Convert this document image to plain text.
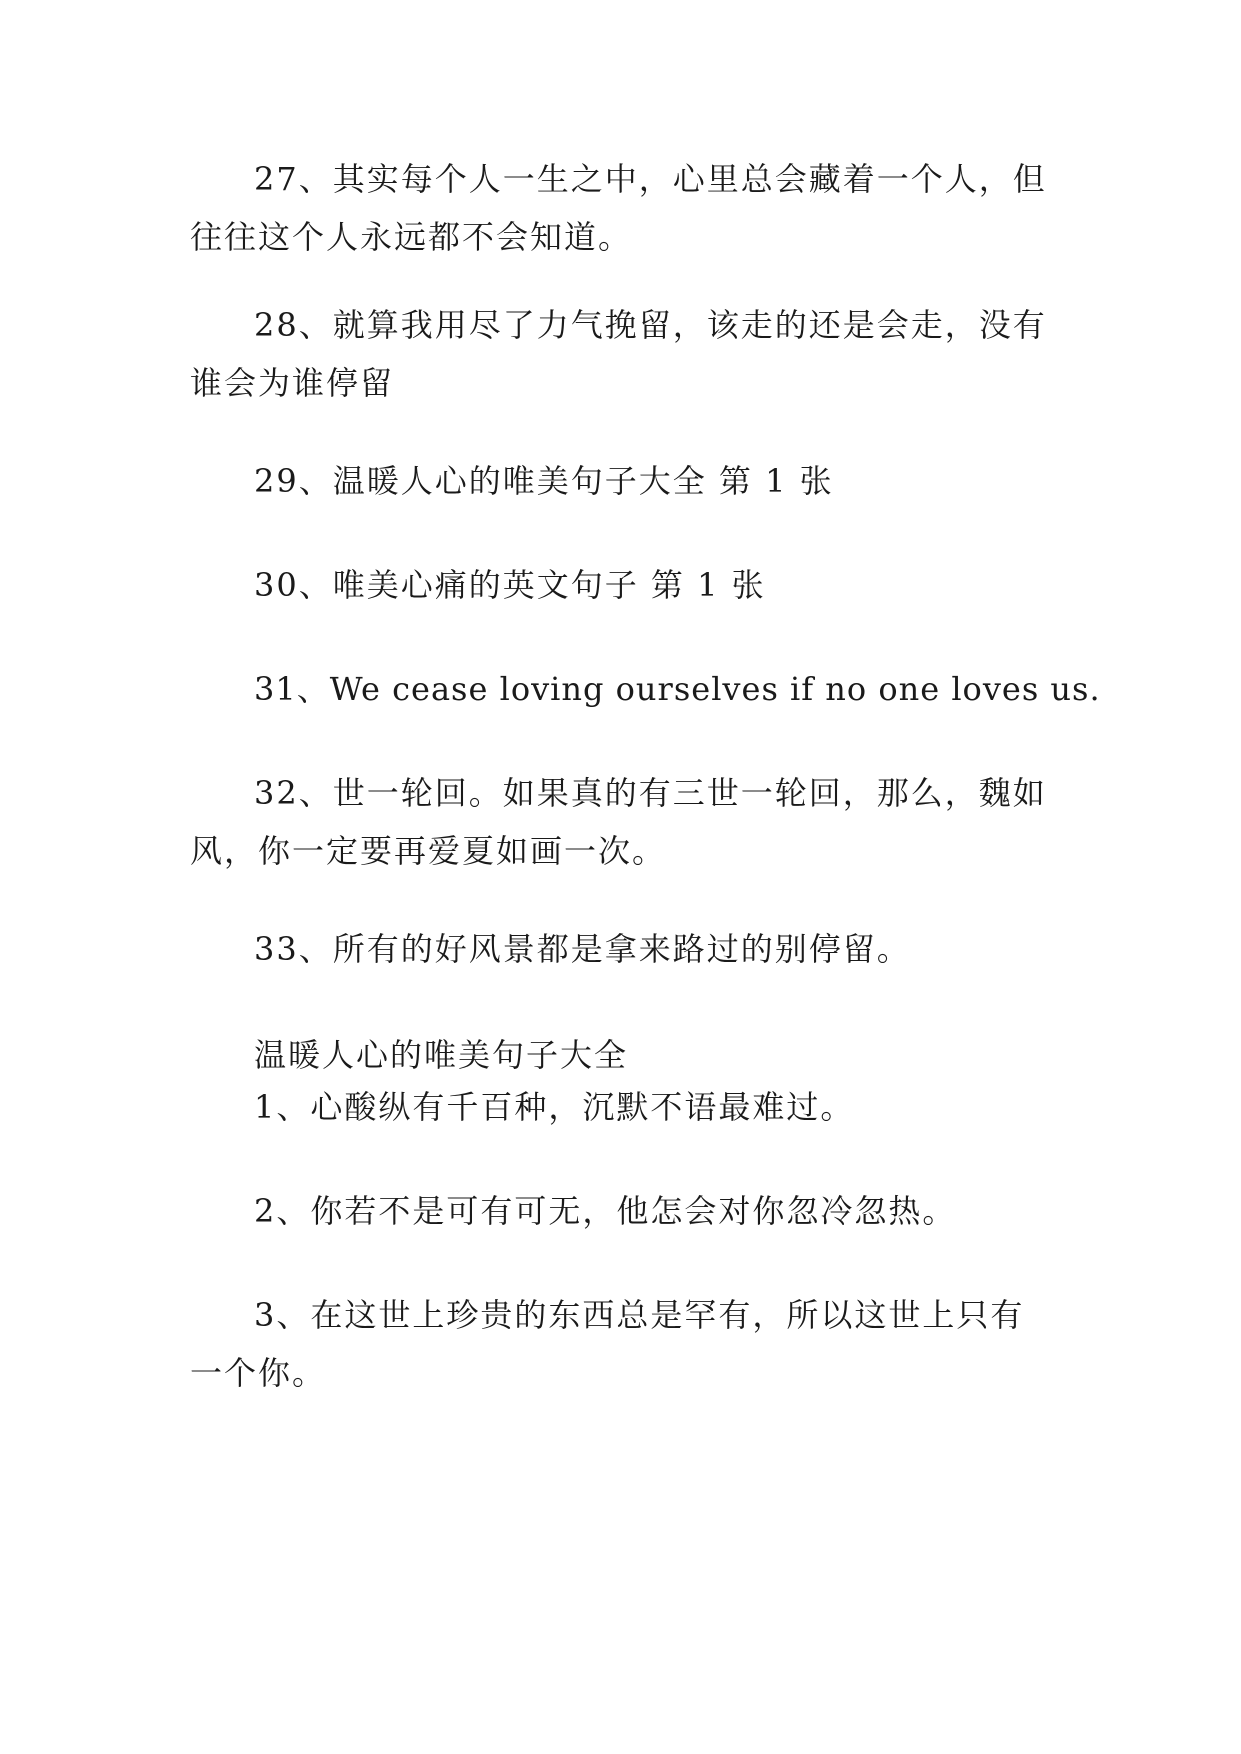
27、其实每个人一生之中，心里总会藏着一个人，但往往这个人永远都不会知道。

28、就算我用尽了力气挽留，该走的还是会走，没有谁会为谁停留

29、温暖人心的唯美句子大全 第 1 张

30、唯美心痛的英文句子 第 1 张

31、We cease loving ourselves if no one loves us.

32、世一轮回。如果真的有三世一轮回，那么，魏如风，你一定要再爱夏如画一次。

33、所有的好风景都是拿来路过的别停留。

温暖人心的唯美句子大全

1、心酸纵有千百种，沉默不语最难过。

2、你若不是可有可无，他怎会对你忽冷忽热。

3、在这世上珍贵的东西总是罕有，所以这世上只有一个你。
